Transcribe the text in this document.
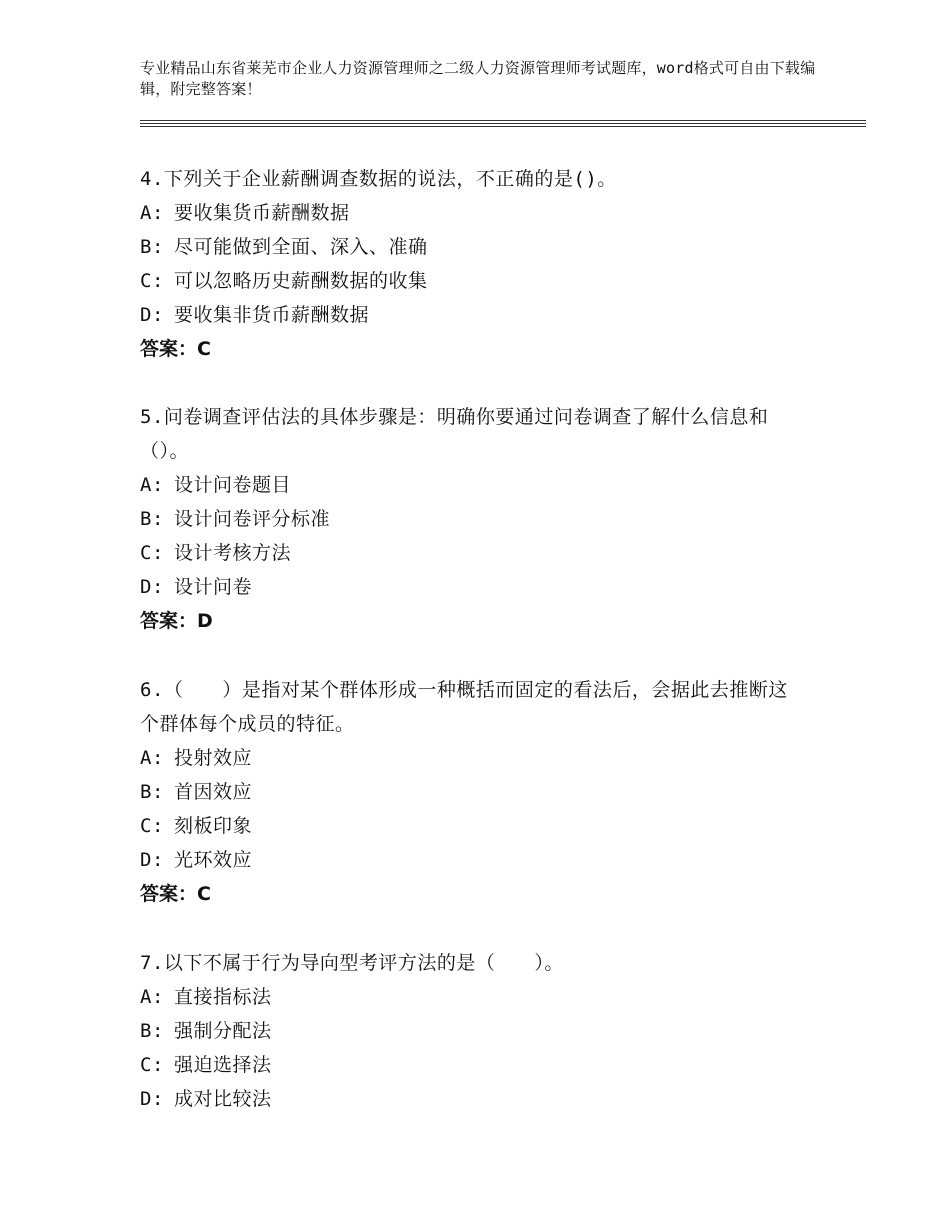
专业精品山东省莱芜市企业人力资源管理师之二级人力资源管理师考试题库，word格式可自由下载编辑，附完整答案！

4.下列关于企业薪酬调查数据的说法，不正确的是()。

A: 要收集货币薪酬数据

B: 尽可能做到全面、深入、准确

C: 可以忽略历史薪酬数据的收集

D: 要收集非货币薪酬数据

答案：C

5.问卷调查评估法的具体步骤是：明确你要通过问卷调查了解什么信息和（）。

A: 设计问卷题目

B: 设计问卷评分标准

C: 设计考核方法

D: 设计问卷

答案：D

6.（　　）是指对某个群体形成一种概括而固定的看法后，会据此去推断这个群体每个成员的特征。

A: 投射效应

B: 首因效应

C: 刻板印象

D: 光环效应

答案：C

7.以下不属于行为导向型考评方法的是（　　）。

A: 直接指标法

B: 强制分配法

C: 强迫选择法

D: 成对比较法
